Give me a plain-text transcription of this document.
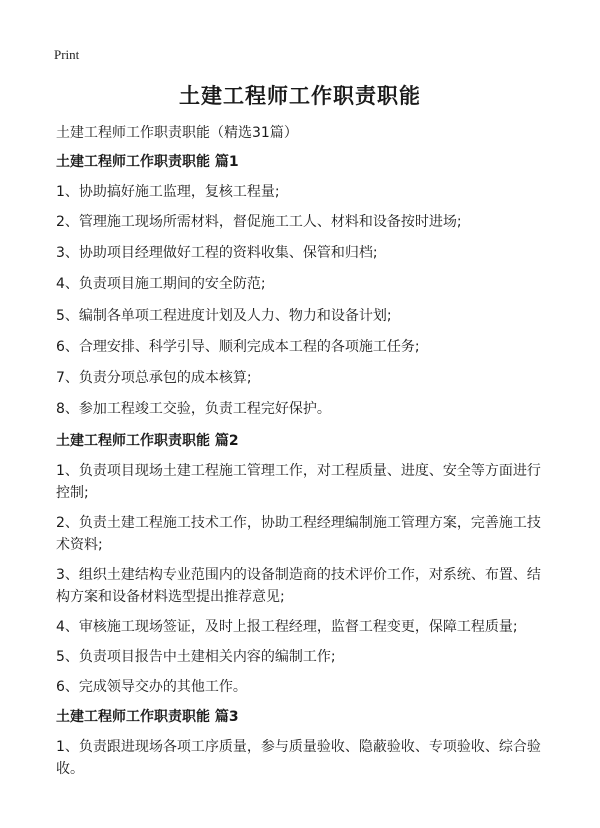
Print
土建工程师工作职责职能
土建工程师工作职责职能（精选31篇）

土建工程师工作职责职能 篇1

1、协助搞好施工监理，复核工程量;

2、管理施工现场所需材料，督促施工工人、材料和设备按时进场;

3、协助项目经理做好工程的资料收集、保管和归档;

4、负责项目施工期间的安全防范;

5、编制各单项工程进度计划及人力、物力和设备计划;

6、合理安排、科学引导、顺利完成本工程的各项施工任务;

7、负责分项总承包的成本核算;

8、参加工程竣工交验，负责工程完好保护。

土建工程师工作职责职能 篇2

1、负责项目现场土建工程施工管理工作，对工程质量、进度、安全等方面进行控制;

2、负责土建工程施工技术工作，协助工程经理编制施工管理方案，完善施工技术资料;

3、组织土建结构专业范围内的设备制造商的技术评价工作，对系统、布置、结构方案和设备材料选型提出推荐意见;

4、审核施工现场签证，及时上报工程经理，监督工程变更，保障工程质量;

5、负责项目报告中土建相关内容的编制工作;

6、完成领导交办的其他工作。

土建工程师工作职责职能 篇3

1、负责跟进现场各项工序质量，参与质量验收、隐蔽验收、专项验收、综合验收。
